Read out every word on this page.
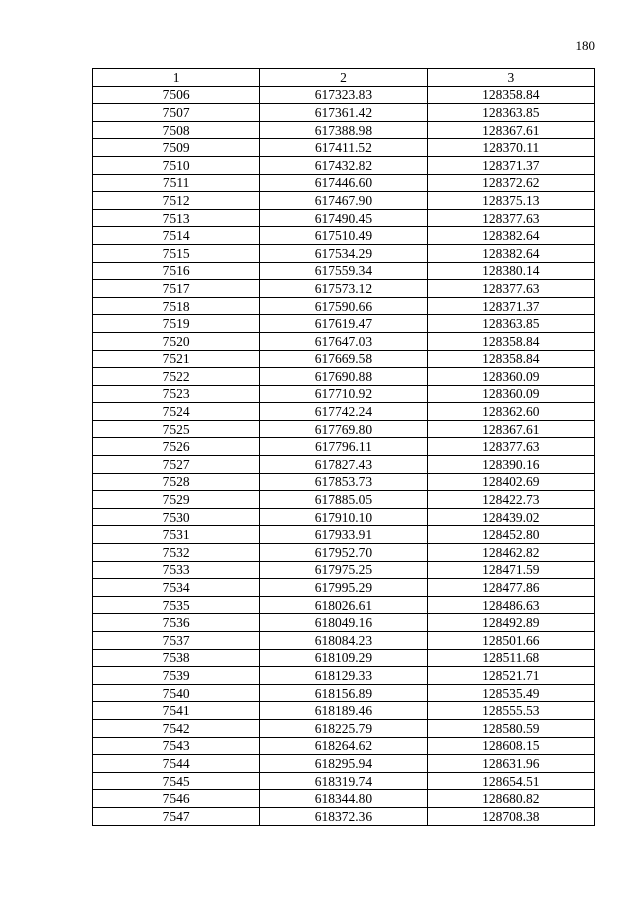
180
1	2	3
7506	617323.83	128358.84
7507	617361.42	128363.85
7508	617388.98	128367.61
7509	617411.52	128370.11
7510	617432.82	128371.37
7511	617446.60	128372.62
7512	617467.90	128375.13
7513	617490.45	128377.63
7514	617510.49	128382.64
7515	617534.29	128382.64
7516	617559.34	128380.14
7517	617573.12	128377.63
7518	617590.66	128371.37
7519	617619.47	128363.85
7520	617647.03	128358.84
7521	617669.58	128358.84
7522	617690.88	128360.09
7523	617710.92	128360.09
7524	617742.24	128362.60
7525	617769.80	128367.61
7526	617796.11	128377.63
7527	617827.43	128390.16
7528	617853.73	128402.69
7529	617885.05	128422.73
7530	617910.10	128439.02
7531	617933.91	128452.80
7532	617952.70	128462.82
7533	617975.25	128471.59
7534	617995.29	128477.86
7535	618026.61	128486.63
7536	618049.16	128492.89
7537	618084.23	128501.66
7538	618109.29	128511.68
7539	618129.33	128521.71
7540	618156.89	128535.49
7541	618189.46	128555.53
7542	618225.79	128580.59
7543	618264.62	128608.15
7544	618295.94	128631.96
7545	618319.74	128654.51
7546	618344.80	128680.82
7547	618372.36	128708.38
